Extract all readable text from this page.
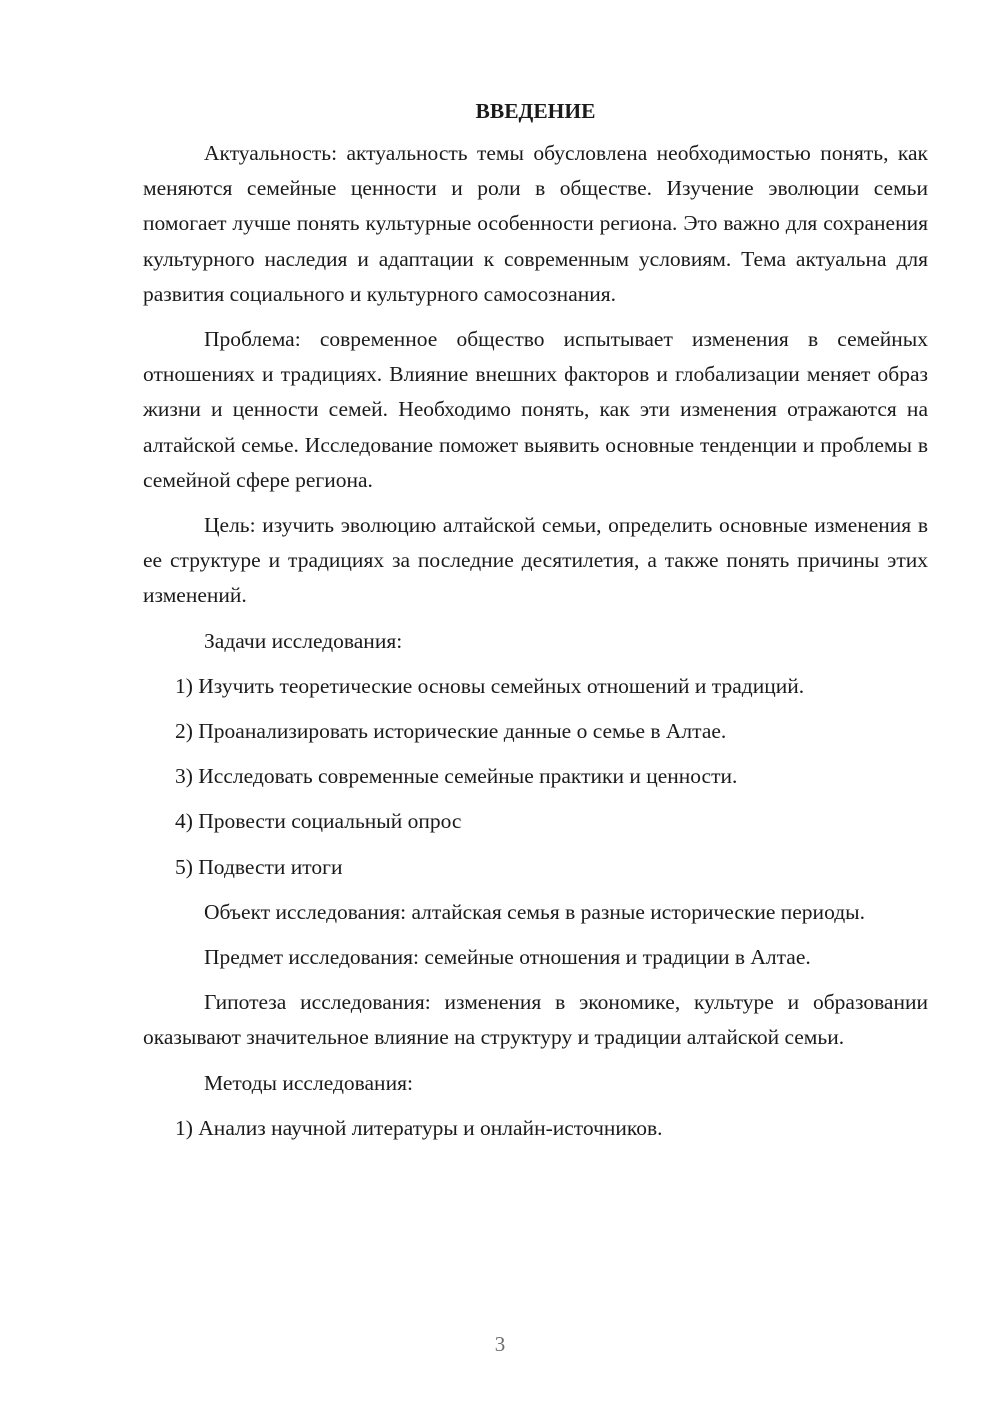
ВВЕДЕНИЕ

Актуальность: актуальность темы обусловлена необходимостью понять, как меняются семейные ценности и роли в обществе. Изучение эволюции семьи помогает лучше понять культурные особенности региона. Это важно для сохранения культурного наследия и адаптации к современным условиям. Тема актуальна для развития социального и культурного самосознания.

Проблема: современное общество испытывает изменения в семейных отношениях и традициях. Влияние внешних факторов и глобализации меняет образ жизни и ценности семей. Необходимо понять, как эти изменения отражаются на алтайской семье. Исследование поможет выявить основные тенденции и проблемы в семейной сфере региона.

Цель: изучить эволюцию алтайской семьи, определить основные изменения в ее структуре и традициях за последние десятилетия, а также понять причины этих изменений.

Задачи исследования:

1) Изучить теоретические основы семейных отношений и традиций.

2) Проанализировать исторические данные о семье в Алтае.

3) Исследовать современные семейные практики и ценности.

4) Провести социальный опрос

5) Подвести итоги

Объект исследования: алтайская семья в разные исторические периоды.

Предмет исследования: семейные отношения и традиции в Алтае.

Гипотеза исследования: изменения в экономике, культуре и образовании оказывают значительное влияние на структуру и традиции алтайской семьи.

Методы исследования:

1) Анализ научной литературы и онлайн-источников.

3
